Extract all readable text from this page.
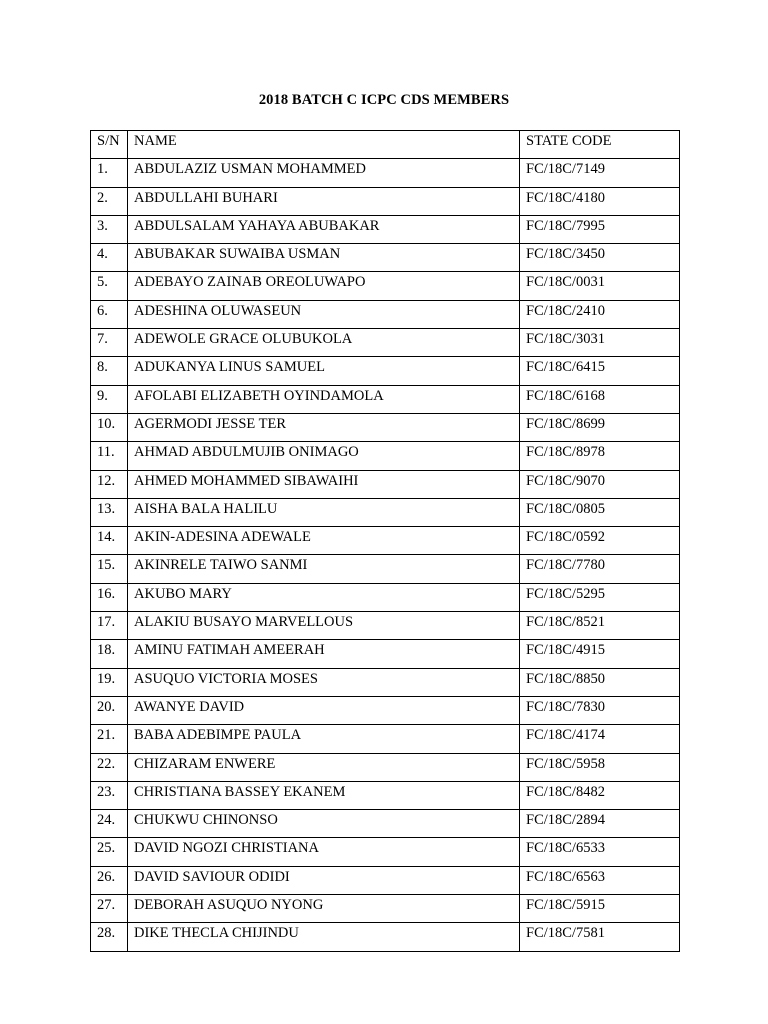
2018 BATCH C ICPC CDS MEMBERS
S/N	NAME	STATE CODE
1.	ABDULAZIZ USMAN MOHAMMED	FC/18C/7149
2.	ABDULLAHI BUHARI	FC/18C/4180
3.	ABDULSALAM YAHAYA ABUBAKAR	FC/18C/7995
4.	ABUBAKAR SUWAIBA USMAN	FC/18C/3450
5.	ADEBAYO ZAINAB OREOLUWAPO	FC/18C/0031
6.	ADESHINA OLUWASEUN	FC/18C/2410
7.	ADEWOLE GRACE OLUBUKOLA	FC/18C/3031
8.	ADUKANYA LINUS SAMUEL	FC/18C/6415
9.	AFOLABI ELIZABETH OYINDAMOLA	FC/18C/6168
10.	AGERMODI JESSE TER	FC/18C/8699
11.	AHMAD ABDULMUJIB ONIMAGO	FC/18C/8978
12.	AHMED MOHAMMED SIBAWAIHI	FC/18C/9070
13.	AISHA BALA HALILU	FC/18C/0805
14.	AKIN-ADESINA ADEWALE	FC/18C/0592
15.	AKINRELE TAIWO SANMI	FC/18C/7780
16.	AKUBO MARY	FC/18C/5295
17.	ALAKIU BUSAYO MARVELLOUS	FC/18C/8521
18.	AMINU FATIMAH AMEERAH	FC/18C/4915
19.	ASUQUO VICTORIA MOSES	FC/18C/8850
20.	AWANYE DAVID	FC/18C/7830
21.	BABA ADEBIMPE PAULA	FC/18C/4174
22.	CHIZARAM ENWERE	FC/18C/5958
23.	CHRISTIANA BASSEY EKANEM	FC/18C/8482
24.	CHUKWU CHINONSO	FC/18C/2894
25.	DAVID NGOZI CHRISTIANA	FC/18C/6533
26.	DAVID SAVIOUR ODIDI	FC/18C/6563
27.	DEBORAH ASUQUO NYONG	FC/18C/5915
28.	DIKE THECLA CHIJINDU	FC/18C/7581
